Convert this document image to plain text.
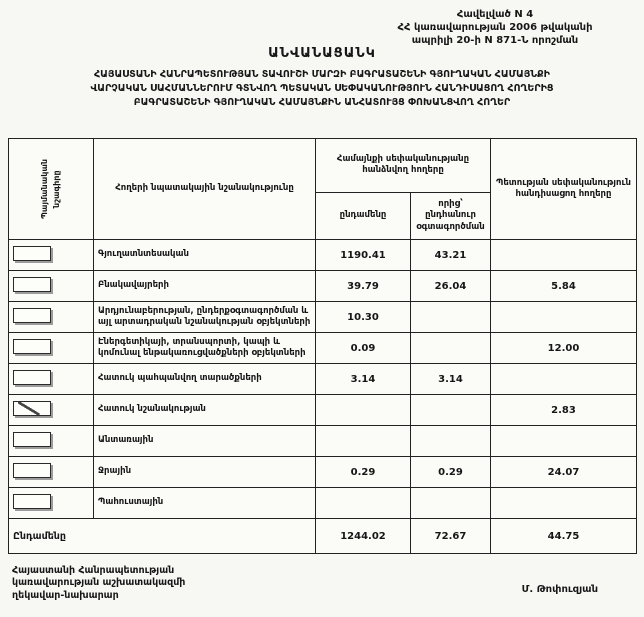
Հավելված N 4
ՀՀ կառավարության 2006 թվականի
ապրիլի 20-ի N 871-Ն որոշման
ԱՆՎԱՆԱՑԱՆԿ
ՀԱՅԱՍՏԱՆԻ ՀԱՆՐԱՊԵՏՈՒԹՅԱՆ ՏԱՎՈՒՇԻ ՄԱՐԶԻ ԲԱԳՐԱՏԱՇԵՆԻ ԳՅՈՒՂԱԿԱՆ ՀԱՄԱՅՆՔԻ
ՎԱՐՉԱԿԱՆ ՍԱՀՄԱՆՆԵՐՈՒՄ ԳՏՆՎՈՂ ՊԵՏԱԿԱՆ ՍԵՓԱԿԱՆՈՒԹՅՈՒՆ ՀԱՆԴԻՍԱՑՈՂ ՀՈՂԵՐԻՑ
ԲԱԳՐԱՏԱՇԵՆԻ ԳՅՈՒՂԱԿԱՆ ՀԱՄԱՅՆՔԻՆ ԱՆՀԱՏՈՒՅՑ ՓՈԽԱՆՑՎՈՂ ՀՈՂԵՐ
Պայմանական նշագիրը	Հողերի նպատակային նշանակությունը	Համայնքի սեփականությանը հանձնվող հողերը		Պետության սեփականություն հանդիսացող հողերը
		ընդամենը	որից՝ ընդհանուր օգտագործման	
	Գյուղատնտեսական	1190.41	43.21	
	Բնակավայրերի	39.79	26.04	5.84
	Արդյունաբերության, ընդերքօգտագործման և այլ արտադրական նշանակության օբյեկտների	10.30		
	Էներգետիկայի, տրանսպորտի, կապի և կոմունալ ենթակառուցվածքների օբյեկտների	0.09		12.00
	Հատուկ պահպանվող տարածքների	3.14	3.14	
	Հատուկ նշանակության			2.83
	Անտառային			
	Ջրային	0.29	0.29	24.07
	Պահուստային			
Ընդամենը		1244.02	72.67	44.75
Հայաստանի Հանրապետության
կառավարության աշխատակազմի
ղեկավար-նախարար
Մ. Թոփուզյան
